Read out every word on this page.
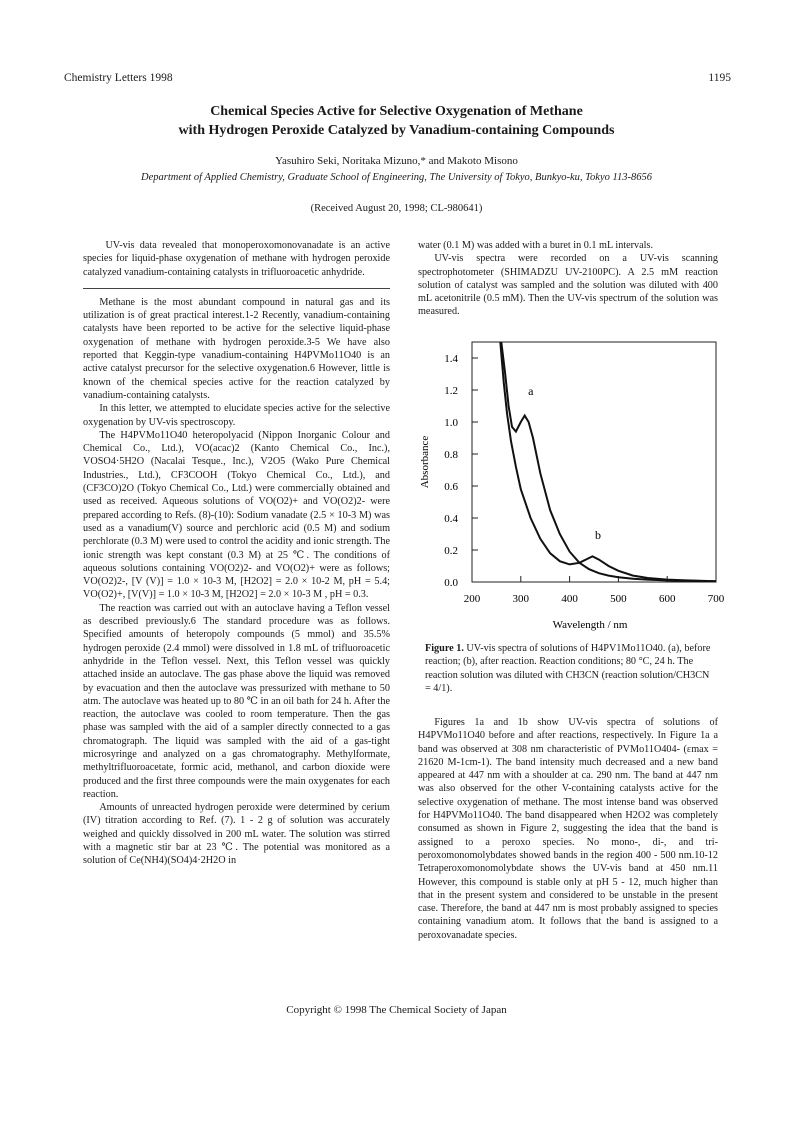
Chemistry Letters 1998	1195
Chemical Species Active for Selective Oxygenation of Methane
with Hydrogen Peroxide Catalyzed by Vanadium-containing Compounds
Yasuhiro Seki, Noritaka Mizuno,* and Makoto Misono
Department of Applied Chemistry, Graduate School of Engineering, The University of Tokyo, Bunkyo-ku, Tokyo 113-8656
(Received August 20, 1998; CL-980641)

UV-vis data revealed that monoperoxomonovanadate is an active species for liquid-phase oxygenation of methane with hydrogen peroxide catalyzed vanadium-containing catalysts in trifluoroacetic anhydride.

Methane is the most abundant compound in natural gas and its utilization is of great practical interest.1-2 Recently, vanadium-containing catalysts have been reported to be active for the selective liquid-phase oxygenation of methane with hydrogen peroxide.3-5 We have also reported that Keggin-type vanadium-containing H4PVMo11O40 is an active catalyst precursor for the selective oxygenation.6 However, little is known of the chemical species active for the reaction catalyzed by vanadium-containing catalysts.

In this letter, we attempted to elucidate species active for the selective oxygenation by UV-vis spectroscopy.

The H4PVMo11O40 heteropolyacid (Nippon Inorganic Colour and Chemical Co., Ltd.), VO(acac)2 (Kanto Chemical Co., Inc.), VOSO4·5H2O (Nacalai Tesque., Inc.), V2O5 (Wako Pure Chemical Industries., Ltd.), CF3COOH (Tokyo Chemical Co., Ltd.), and (CF3CO)2O (Tokyo Chemical Co., Ltd.) were commercially obtained and used as received. Aqueous solutions of VO(O2)+ and VO(O2)2- were prepared according to Refs. (8)-(10): Sodium vanadate (2.5 × 10-3 M) was used as a vanadium(V) source and perchloric acid (0.5 M) and sodium perchlorate (0.3 M) were used to control the acidity and ionic strength. The ionic strength was kept constant (0.3 M) at 25 ℃. The conditions of aqueous solutions containing VO(O2)2- and VO(O2)+ were as follows; VO(O2)2-, [V (V)] = 1.0 × 10-3 M, [H2O2] = 2.0 × 10-2 M, pH = 5.4; VO(O2)+, [V(V)] = 1.0 × 10-3 M, [H2O2] = 2.0 × 10-3 M , pH = 0.3.

The reaction was carried out with an autoclave having a Teflon vessel as described previously.6 The standard procedure was as follows. Specified amounts of heteropoly compounds (5 mmol) and 35.5% hydrogen peroxide (2.4 mmol) were dissolved in 1.8 mL of trifluoroacetic anhydride in the Teflon vessel. Next, this Teflon vessel was quickly attached inside an autoclave. The gas phase above the liquid was removed by evacuation and then the autoclave was pressurized with methane to 50 atm. The autoclave was heated up to 80 ℃ in an oil bath for 24 h. After the reaction, the autoclave was cooled to room temperature. Then the gas phase was sampled with the aid of a sampler directly connected to a gas chromatograph. The liquid was sampled with the aid of a gas-tight microsyringe and analyzed on a gas chromatography. Methylformate, methyltrifluoroacetate, formic acid, methanol, and carbon dioxide were produced and the first three compounds were the main oxygenates for each reaction.

Amounts of unreacted hydrogen peroxide were determined by cerium (IV) titration according to Ref. (7). 1 - 2 g of solution was accurately weighed and quickly dissolved in 200 mL water. The solution was stirred with a magnetic stir bar at 23 ℃. The potential was monitored as a solution of Ce(NH4)(SO4)4·2H2O in

water (0.1 M) was added with a buret in 0.1 mL intervals.

UV-vis spectra were recorded on a UV-vis scanning spectrophotometer (SHIMADZU UV-2100PC). A 2.5 mM reaction solution of catalyst was sampled and the solution was diluted with 400 mL acetonitrile (0.5 mM). Then the UV-vis spectrum of the solution was measured.

200	300	400	500	600	700
0.0
0.2
0.4
0.6
0.8
1.0
1.2
1.4
a
b
Absorbance
Wavelength / nm
Figure 1. UV-vis spectra of solutions of H4PV1Mo11O40. (a), before reaction; (b), after reaction. Reaction conditions; 80 °C, 24 h. The reaction solution was diluted with CH3CN (reaction solution/CH3CN = 4/1).

Figures 1a and 1b show UV-vis spectra of solutions of H4PVMo11O40 before and after reactions, respectively. In Figure 1a a band was observed at 308 nm characteristic of PVMo11O404- (εmax = 21620 M-1cm-1). The band intensity much decreased and a new band appeared at 447 nm with a shoulder at ca. 290 nm. The band at 447 nm was also observed for the other V-containing catalysts active for the selective oxygenation of methane. The most intense band was observed for H4PVMo11O40. The band disappeared when H2O2 was completely consumed as shown in Figure 2, suggesting the idea that the band is assigned to a peroxo species. No mono-, di-, and tri-peroxomonomolybdates showed bands in the region 400 - 500 nm.10-12 Tetraperoxomonomolybdate shows the UV-vis band at 450 nm.11 However, this compound is stable only at pH 5 - 12, much higher than that in the present system and considered to be unstable in the present case. Therefore, the band at 447 nm is most probably assigned to species containing vanadium atom. It follows that the band is assigned to a peroxovanadate species.

Copyright © 1998 The Chemical Society of Japan
